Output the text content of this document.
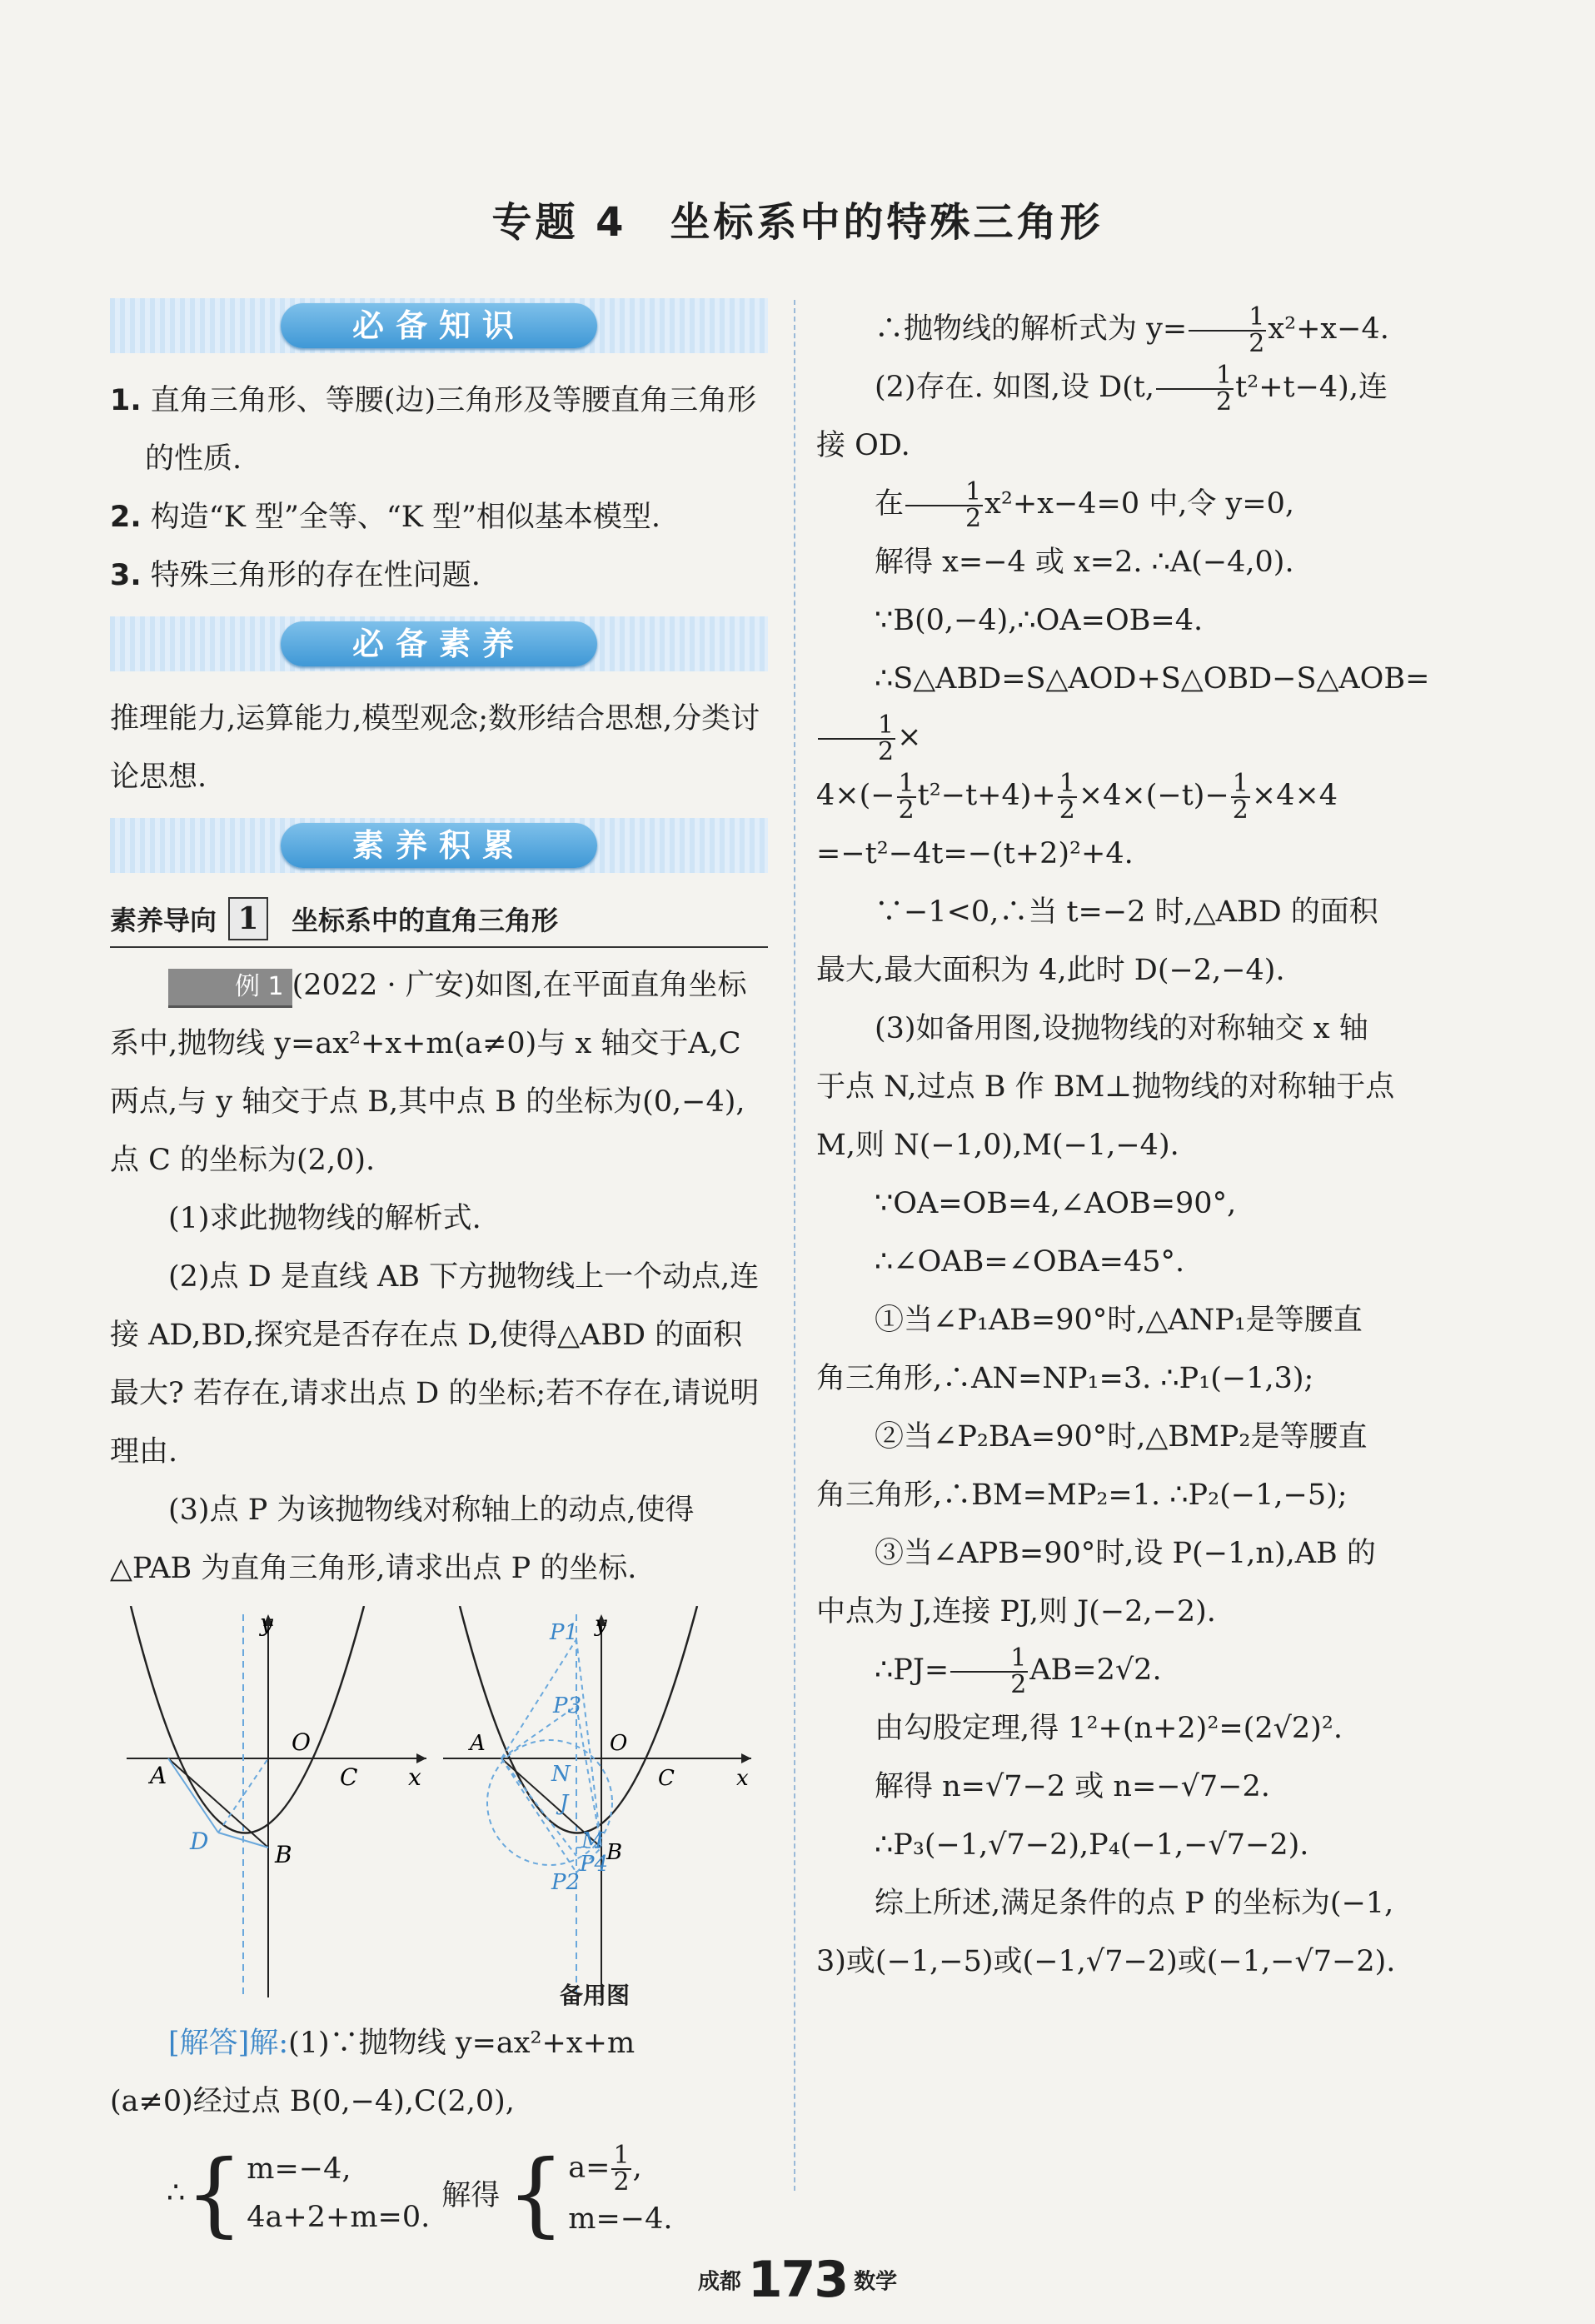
专题 4　坐标系中的特殊三角形
必备知识

1. 直角三角形、等腰(边)三角形及等腰直角三角形的性质.

2. 构造“K 型”全等、“K 型”相似基本模型.

3. 特殊三角形的存在性问题.

必备素养

推理能力,运算能力,模型观念;数形结合思想,分类讨论思想.

素养积累
素养导向 1	坐标系中的直角三角形

例 1 (2022 · 广安)如图,在平面直角坐标系中,抛物线 y=ax²+x+m(a≠0)与 x 轴交于A,C 两点,与 y 轴交于点 B,其中点 B 的坐标为(0,−4),点 C 的坐标为(2,0).

(1)求此抛物线的解析式.

(2)点 D 是直线 AB 下方抛物线上一个动点,连接 AD,BD,探究是否存在点 D,使得△ABD 的面积最大? 若存在,请求出点 D 的坐标;若不存在,请说明理由.

(3)点 P 为该抛物线对称轴上的动点,使得△PAB 为直角三角形,请求出点 P 的坐标.

y
x
O
A	C
D	B
P1
P3
y
x
O
A
C
N
J
M B
P4
P2
备用图

[解答]解:(1)∵抛物线 y=ax²+x+m

(a≠0)经过点 B(0,−4),C(2,0),

∴ { m=−4,
4a+2+m=0.
解得 { $a= \frac{1}{2}$ ,
m=−4.

∴抛物线的解析式为 $y= \frac{1}{2} x^2+x-4$.

(2)存在. 如图,设 D(t, $\frac{1}{2} t^2+t-4$),连

接 OD.

在 $\frac{1}{2} x^2+x-4=0$ 中,令 y=0,

解得 x=−4 或 x=2. ∴A(−4,0).

∵B(0,−4),∴OA=OB=4.

∴S△ABD=S△AOD+S△OBD−S△AOB=
$\frac{1}{2}$ ×

$4\times(- \frac{1}{2} t^2-t+4)+ \frac{1}{2} \times 4\times(-t)- \frac{1}{2} \times 4\times 4$

=−t²−4t=−(t+2)²+4.

∵−1<0,∴当 t=−2 时,△ABD 的面积

最大,最大面积为 4,此时 D(−2,−4).

(3)如备用图,设抛物线的对称轴交 x 轴

于点 N,过点 B 作 BM⊥抛物线的对称轴于点

M,则 N(−1,0),M(−1,−4).

∵OA=OB=4,∠AOB=90°,

∴∠OAB=∠OBA=45°.

①当∠P₁AB=90°时,△ANP₁是等腰直

角三角形,∴AN=NP₁=3. ∴P₁(−1,3);

②当∠P₂BA=90°时,△BMP₂是等腰直

角三角形,∴BM=MP₂=1. ∴P₂(−1,−5);

③当∠APB=90°时,设 P(−1,n),AB 的

中点为 J,连接 PJ,则 J(−2,−2).

∴PJ= $\frac{1}{2} AB=2√2$.

由勾股定理,得 1²+(n+2)²=(2√2)².

解得 n=√7−2 或 n=−√7−2.

∴P₃(−1,√7−2),P₄(−1,−√7−2).

综上所述,满足条件的点 P 的坐标为(−1,

3)或(−1,−5)或(−1,√7−2)或(−1,−√7−2).

成都 173 数学
